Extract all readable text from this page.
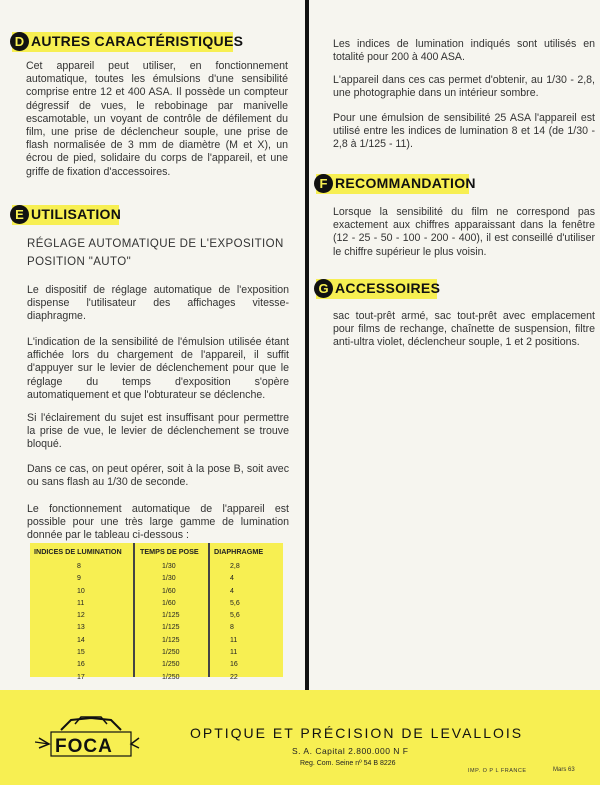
D AUTRES CARACTÉRISTIQUES

Cet appareil peut utiliser, en fonctionnement automatique, toutes les émulsions d'une sensibilité comprise entre 12 et 400 ASA. Il possède un compteur dégressif de vues, le rebobinage par manivelle escamotable, un voyant de contrôle de défilement du film, une prise de déclencheur souple, une prise de flash normalisée de 3 mm de diamètre (M et X), un écrou de pied, solidaire du corps de l'appareil, et une griffe de fixation d'accessoires.

E UTILISATION
RÉGLAGE AUTOMATIQUE DE L'EXPOSITION
POSITION "AUTO"

Le dispositif de réglage automatique de l'exposition dispense l'utilisateur des affichages vitesse-diaphragme.

L'indication de la sensibilité de l'émulsion utilisée étant affichée lors du chargement de l'appareil, il suffit d'appuyer sur le levier de déclenchement pour que le réglage du temps d'exposition s'opère automatiquement et que l'obturateur se déclenche.

Si l'éclairement du sujet est insuffisant pour permettre la prise de vue, le levier de déclenchement se trouve bloqué.

Dans ce cas, on peut opérer, soit à la pose B, soit avec ou sans flash au 1/30 de seconde.

Le fonctionnement automatique de l'appareil est possible pour une très large gamme de lumination donnée par le tableau ci-dessous :

INDICES DE LUMINATION	TEMPS DE POSE DIAPHRAGME
8
9
10
11
12
13
14
15
16
17
1/30
1/30
1/60
1/60
1/125
1/125
1/125
1/250
1/250
1/250
2,8
4
4
5,6
5,6
8
11
11
16
22

Les indices de lumination indiqués sont utilisés en totalité pour 200 à 400 ASA.

L'appareil dans ces cas permet d'obtenir, au 1/30 - 2,8, une photographie dans un intérieur sombre.

Pour une émulsion de sensibilité 25 ASA l'appareil est utilisé entre les indices de lumination 8 et 14 (de 1/30 - 2,8 à 1/125 - 11).

F RECOMMANDATION

Lorsque la sensibilité du film ne correspond pas exactement aux chiffres apparaissant dans la fenêtre (12 - 25 - 50 - 100 - 200 - 400), il est conseillé d'utiliser le chiffre supérieur le plus voisin.

G ACCESSOIRES

sac tout-prêt armé, sac tout-prêt avec emplacement pour films de rechange, chaînette de suspension, filtre anti-ultra violet, déclencheur souple, 1 et 2 positions.

FOCA
OPTIQUE ET PRÉCISION DE LEVALLOIS
S. A. Capital 2.800.000 N F
Reg. Com. Seine nº 54 B 8226
IMP. O P L FRANCE	Mars 63
